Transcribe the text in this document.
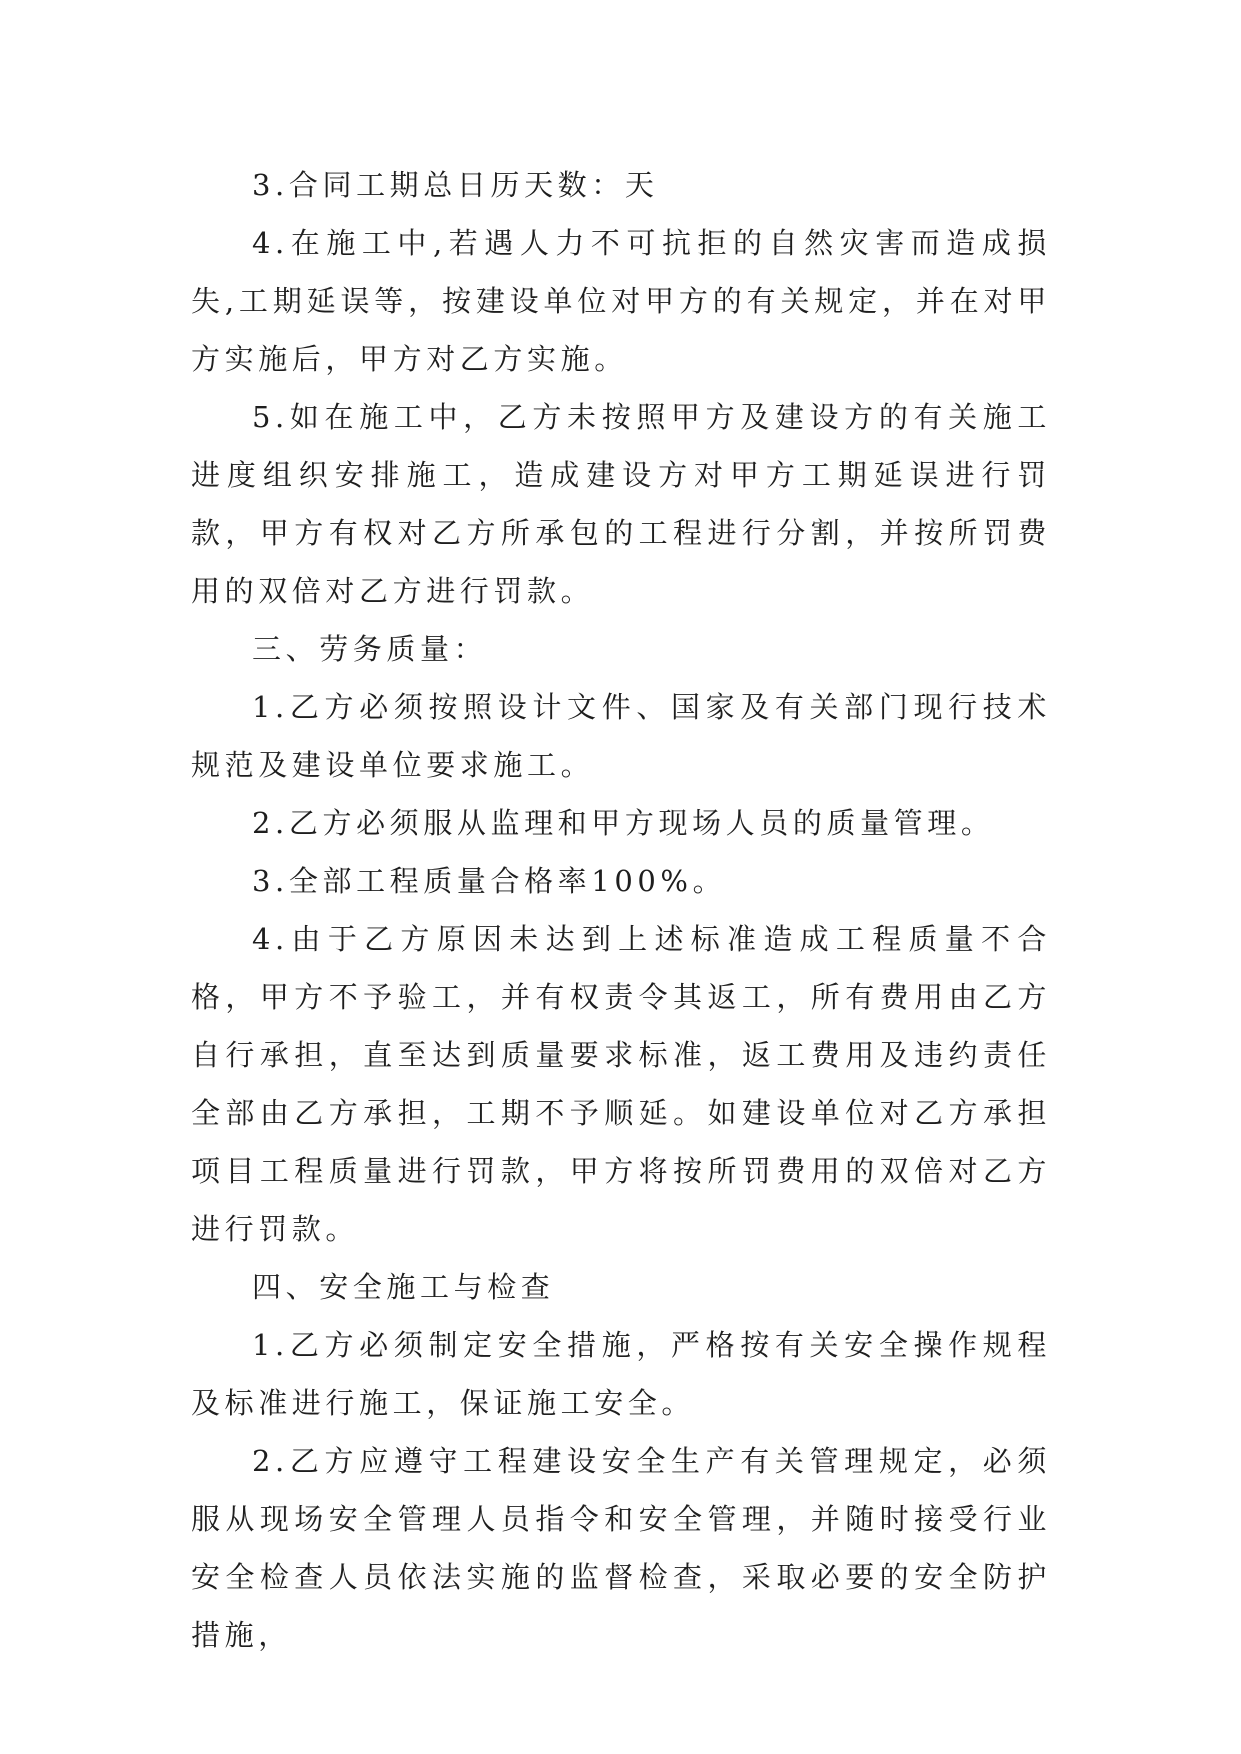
3.合同工期总日历天数：天

4.在施工中,若遇人力不可抗拒的自然灾害而造成损失,工期延误等，按建设单位对甲方的有关规定，并在对甲方实施后，甲方对乙方实施。

5.如在施工中，乙方未按照甲方及建设方的有关施工进度组织安排施工，造成建设方对甲方工期延误进行罚款，甲方有权对乙方所承包的工程进行分割，并按所罚费用的双倍对乙方进行罚款。

三、劳务质量：

1.乙方必须按照设计文件、国家及有关部门现行技术规范及建设单位要求施工。

2.乙方必须服从监理和甲方现场人员的质量管理。

3.全部工程质量合格率100%。

4.由于乙方原因未达到上述标准造成工程质量不合格，甲方不予验工，并有权责令其返工，所有费用由乙方自行承担，直至达到质量要求标准，返工费用及违约责任全部由乙方承担，工期不予顺延。如建设单位对乙方承担项目工程质量进行罚款，甲方将按所罚费用的双倍对乙方进行罚款。

四、安全施工与检查

1.乙方必须制定安全措施，严格按有关安全操作规程及标准进行施工，保证施工安全。

2.乙方应遵守工程建设安全生产有关管理规定，必须服从现场安全管理人员指令和安全管理，并随时接受行业安全检查人员依法实施的监督检查，采取必要的安全防护措施，
